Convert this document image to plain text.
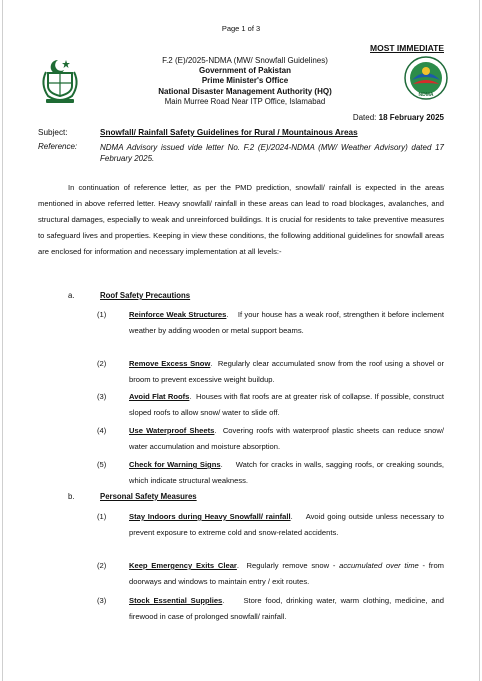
Page 1 of 3
MOST IMMEDIATE
NDMA
F.2 (E)/2025-NDMA (MW/ Snowfall Guidelines)
Government of Pakistan
Prime Minister's Office
National Disaster Management Authority (HQ)
Main Murree Road Near ITP Office, Islamabad
Dated: 18 February 2025
Subject:	Snowfall/ Rainfall Safety Guidelines for Rural / Mountainous Areas
Reference:	NDMA Advisory issued vide letter No. F.2 (E)/2024-NDMA (MW/ Weather Advisory) dated 17 February 2025.
In continuation of reference letter, as per the PMD prediction, snowfall/ rainfall is expected in the areas mentioned in above referred letter. Heavy snowfall/ rainfall in these areas can lead to road blockages, avalanches, and structural damages, especially to weak and unreinforced buildings. It is crucial for residents to take preventive measures to safeguard lives and properties. Keeping in view these conditions, the following additional guidelines for snowfall areas are enclosed for information and necessary implementation at all levels:-
a.	Roof Safety Precautions
(1)	Reinforce Weak Structures.    If your house has a weak roof, strengthen it before inclement weather by adding wooden or metal support beams.
(2)	Remove Excess Snow.  Regularly clear accumulated snow from the roof using a shovel or broom to prevent excessive weight buildup.
(3)	Avoid Flat Roofs.  Houses with flat roofs are at greater risk of collapse. If possible, construct sloped roofs to allow snow/ water to slide off.
(4)	Use Waterproof Sheets.  Covering roofs with waterproof plastic sheets can reduce snow/ water accumulation and moisture absorption.
(5)	Check for Warning Signs.     Watch for cracks in walls, sagging roofs, or creaking sounds, which indicate structural weakness.
b.	Personal Safety Measures
(1)	Stay Indoors during Heavy Snowfall/ rainfall.     Avoid going outside unless necessary to prevent exposure to extreme cold and snow-related accidents.
(2)	Keep Emergency Exits Clear.  Regularly remove snow - accumulated over time - from doorways and windows to maintain entry / exit routes.
(3)	Stock Essential Supplies.     Store food, drinking water, warm clothing, medicine, and firewood in case of prolonged snowfall/ rainfall.
